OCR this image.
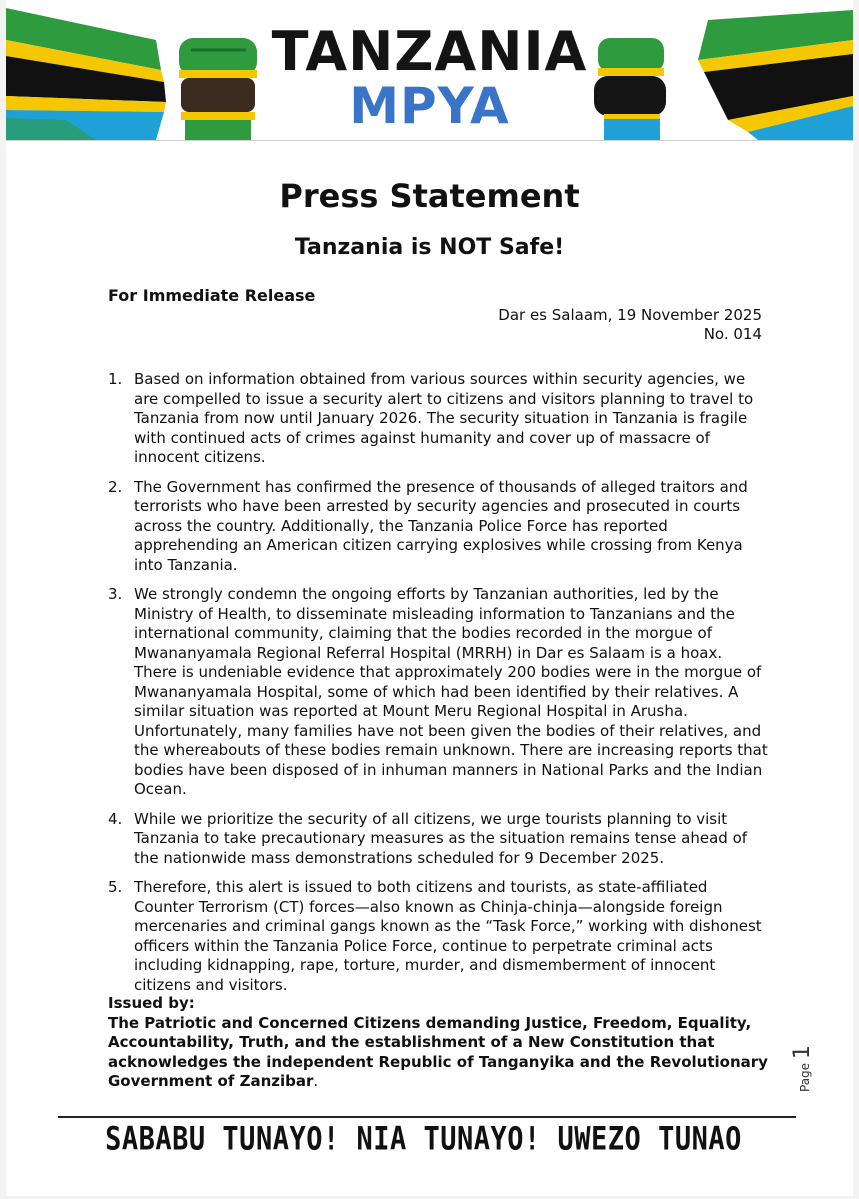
TANZANIA
MPYA
Press Statement
Tanzania is NOT Safe!
For Immediate Release
Dar es Salaam, 19 November 2025
No. 014
1. Based on information obtained from various sources within security agencies, we are compelled to issue a security alert to citizens and visitors planning to travel to Tanzania from now until January 2026. The security situation in Tanzania is fragile with continued acts of crimes against humanity and cover up of massacre of innocent citizens.
2. The Government has confirmed the presence of thousands of alleged traitors and terrorists who have been arrested by security agencies and prosecuted in courts across the country. Additionally, the Tanzania Police Force has reported apprehending an American citizen carrying explosives while crossing from Kenya into Tanzania.
3. We strongly condemn the ongoing efforts by Tanzanian authorities, led by the Ministry of Health, to disseminate misleading information to Tanzanians and the international community, claiming that the bodies recorded in the morgue of Mwananyamala Regional Referral Hospital (MRRH) in Dar es Salaam is a hoax. There is undeniable evidence that approximately 200 bodies were in the morgue of Mwananyamala Hospital, some of which had been identified by their relatives. A similar situation was reported at Mount Meru Regional Hospital in Arusha. Unfortunately, many families have not been given the bodies of their relatives, and the whereabouts of these bodies remain unknown. There are increasing reports that bodies have been disposed of in inhuman manners in National Parks and the Indian Ocean.
4. While we prioritize the security of all citizens, we urge tourists planning to visit Tanzania to take precautionary measures as the situation remains tense ahead of the nationwide mass demonstrations scheduled for 9 December 2025.
5. Therefore, this alert is issued to both citizens and tourists, as state-affiliated Counter Terrorism (CT) forces—also known as Chinja-chinja—alongside foreign mercenaries and criminal gangs known as the “Task Force,” working with dishonest officers within the Tanzania Police Force, continue to perpetrate criminal acts including kidnapping, rape, torture, murder, and dismemberment of innocent citizens and visitors.
Issued by:
The Patriotic and Concerned Citizens demanding Justice, Freedom, Equality, Accountability, Truth, and the establishment of a New Constitution that acknowledges the independent Republic of Tanganyika and the Revolutionary Government of Zanzibar.	Page 1
SABABU TUNAYO! NIA TUNAYO! UWEZO TUNAO
